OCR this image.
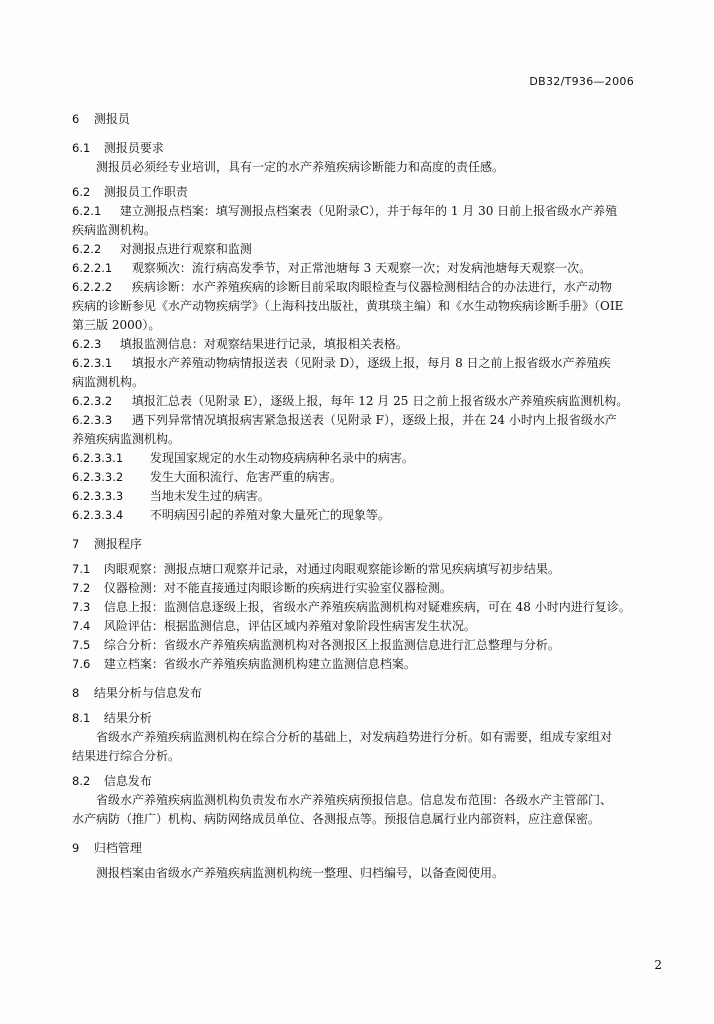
DB32/T936—2006
6 测报员
6.1 测报员要求
测报员必须经专业培训，具有一定的水产养殖疾病诊断能力和高度的责任感。
6.2 测报员工作职责
6.2.1 建立测报点档案：填写测报点档案表（见附录C），并于每年的 1 月 30 日前上报省级水产养殖
疾病监测机构。
6.2.2 对测报点进行观察和监测
6.2.2.1 观察频次：流行病高发季节，对正常池塘每 3 天观察一次；对发病池塘每天观察一次。
6.2.2.2 疾病诊断：水产养殖疾病的诊断目前采取肉眼检查与仪器检测相结合的办法进行，水产动物
疾病的诊断参见《水产动物疾病学》（上海科技出版社，黄琪琰主编）和《水生动物疾病诊断手册》（OIE
第三版 2000）。
6.2.3 填报监测信息：对观察结果进行记录，填报相关表格。
6.2.3.1 填报水产养殖动物病情报送表（见附录 D），逐级上报，每月 8 日之前上报省级水产养殖疾
病监测机构。
6.2.3.2 填报汇总表（见附录 E），逐级上报，每年 12 月 25 日之前上报省级水产养殖疾病监测机构。
6.2.3.3 遇下列异常情况填报病害紧急报送表（见附录 F），逐级上报，并在 24 小时内上报省级水产
养殖疾病监测机构。
6.2.3.3.1 发现国家规定的水生动物疫病病种名录中的病害。
6.2.3.3.2 发生大面积流行、危害严重的病害。
6.2.3.3.3 当地未发生过的病害。
6.2.3.3.4 不明病因引起的养殖对象大量死亡的现象等。
7 测报程序
7.1 肉眼观察：测报点塘口观察并记录，对通过肉眼观察能诊断的常见疾病填写初步结果。
7.2 仪器检测：对不能直接通过肉眼诊断的疾病进行实验室仪器检测。
7.3 信息上报：监测信息逐级上报，省级水产养殖疾病监测机构对疑难疾病，可在 48 小时内进行复诊。
7.4 风险评估：根据监测信息，评估区域内养殖对象阶段性病害发生状况。
7.5 综合分析：省级水产养殖疾病监测机构对各测报区上报监测信息进行汇总整理与分析。
7.6 建立档案：省级水产养殖疾病监测机构建立监测信息档案。
8 结果分析与信息发布
8.1 结果分析
省级水产养殖疾病监测机构在综合分析的基础上，对发病趋势进行分析。如有需要，组成专家组对
结果进行综合分析。
8.2 信息发布
省级水产养殖疾病监测机构负责发布水产养殖疾病预报信息。信息发布范围：各级水产主管部门、
水产病防（推广）机构、病防网络成员单位、各测报点等。预报信息属行业内部资料，应注意保密。
9 归档管理
测报档案由省级水产养殖疾病监测机构统一整理、归档编号，以备查阅使用。
2
